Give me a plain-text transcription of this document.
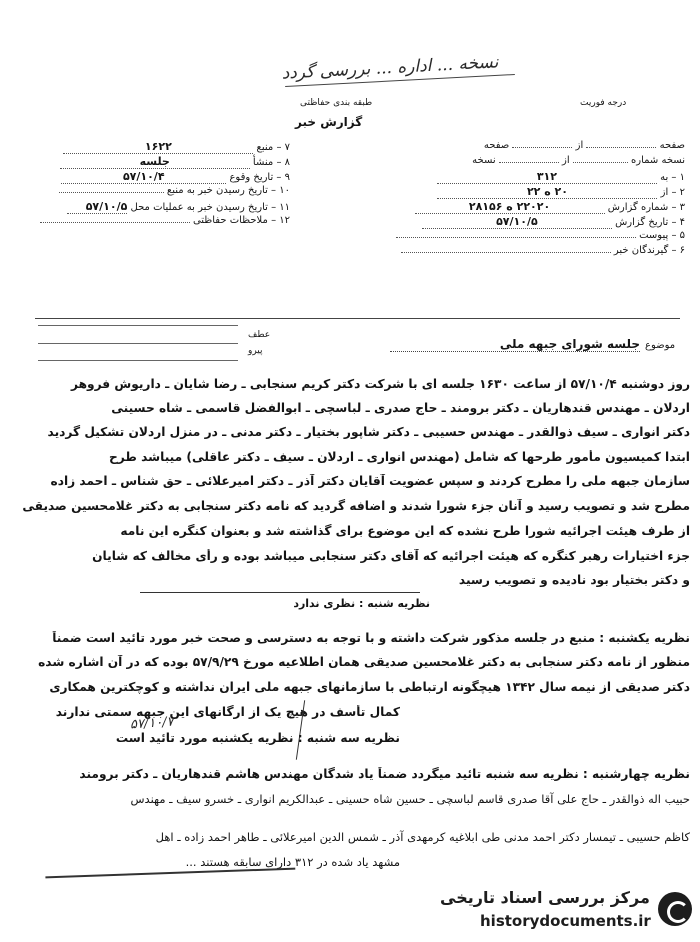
نسخه ... اداره ... بررسی گردد
درجه فوریت
طبقه بندی حفاظتی
گزارش خبر
۷ – منبع ۱۶۲۲
۸ – منشأ جلسه
۹ – تاریخ وقوع ۵۷/۱۰/۴
۱۰ – تاریخ رسیدن خبر به منبع
۱۱ – تاریخ رسیدن خبر به عملیات محل ۵۷/۱۰/۵
۱۲ – ملاحظات حفاظتی
صفحه  از  صفحه
نسخه شماره  از  نسخه
۱ – به ۳۱۲
۲ – از ۲۰ ه ۲۲
۳ – شماره گزارش ۲۲۰۲۰ ه ۲۸۱۵۶
۴ – تاریخ گزارش ۵۷/۱۰/۵
۵ – پیوست
۶ – گیرندگان خبر
موضوع
جلسه شورای جبهه ملی
عطف
پیرو
روز دوشنبه ۵۷/۱۰/۴ از ساعت ۱۶۳۰ جلسه ای با شرکت دکتر کریم سنجابی ـ رضا شایان ـ داریوش فروهر
اردلان ـ مهندس قندهاریان ـ دکتر برومند ـ حاج صدری ـ لباسچی ـ ابوالفضل قاسمی ـ شاه حسینی
دکتر انواری ـ سیف ذوالقدر ـ مهندس حسیبی ـ دکتر شاپور بختیار ـ دکتر مدنی ـ در منزل اردلان تشکیل گردید
ابتدا کمیسیون مأمور طرحها که شامل (مهندس انواری ـ اردلان ـ سیف ـ دکتر عاقلی) میباشد طرح
سازمان جبهه ملی را مطرح کردند و سپس عضویت آقایان دکتر آذر ـ دکتر امیرعلائی ـ حق شناس ـ احمد زاده
مطرح شد و تصویب رسید و آنان جزء شورا شدند و اضافه گردید که نامه دکتر سنجابی به دکتر غلامحسین صدیقی
از طرف هیئت اجرائیه شورا طرح نشده که این موضوع برای گذاشته شد و بعنوان کنگره این نامه
جزء اختیارات رهبر کنگره که هیئت اجرائیه که آقای دکتر سنجابی میباشد بوده و رأی مخالف که شایان
و دکتر بختیار بود نادیده و تصویب رسید
نظریه شنبه : نظری ندارد
نظریه یکشنبه : منبع در جلسه مذکور شرکت داشته و با توجه به دسترسی و صحت خبر مورد تائید است ضمناً
منظور از نامه دکتر سنجابی به دکتر غلامحسین صدیقی همان اطلاعیه مورخ ۵۷/۹/۲۹ بوده که در آن اشاره شده
دکتر صدیقی از نیمه سال ۱۳۴۲ هیچگونه ارتباطی با سازمانهای جبهه ملی ایران نداشته و کوچکترین همکاری
کمال تأسف در هیچ یک از ارگانهای این جبهه سمتی ندارند
۵۷/۱۰/۷
نظریه سه شنبه : نظریه یکشنبه مورد تائید است
نظریه چهارشنبه : نظریه سه شنبه تائید میگردد ضمناً یاد شدگان مهندس هاشم قندهاریان ـ دکتر برومند
حبیب اله ذوالقدر ـ حاج علی آقا صدری قاسم لباسچی ـ حسین شاه حسینی ـ عبدالکریم انواری ـ خسرو سیف ـ مهندس
کاظم حسیبی ـ تیمسار دکتر احمد مدنی طی ابلاغیه کرمهدی آذر ـ شمس الدین امیرعلائی ـ طاهر احمد زاده ـ اهل
مشهد یاد شده در ۳۱۲ دارای سابقه هستند ...
مرکز بررسی اسناد تاریخی
historydocuments.ir
